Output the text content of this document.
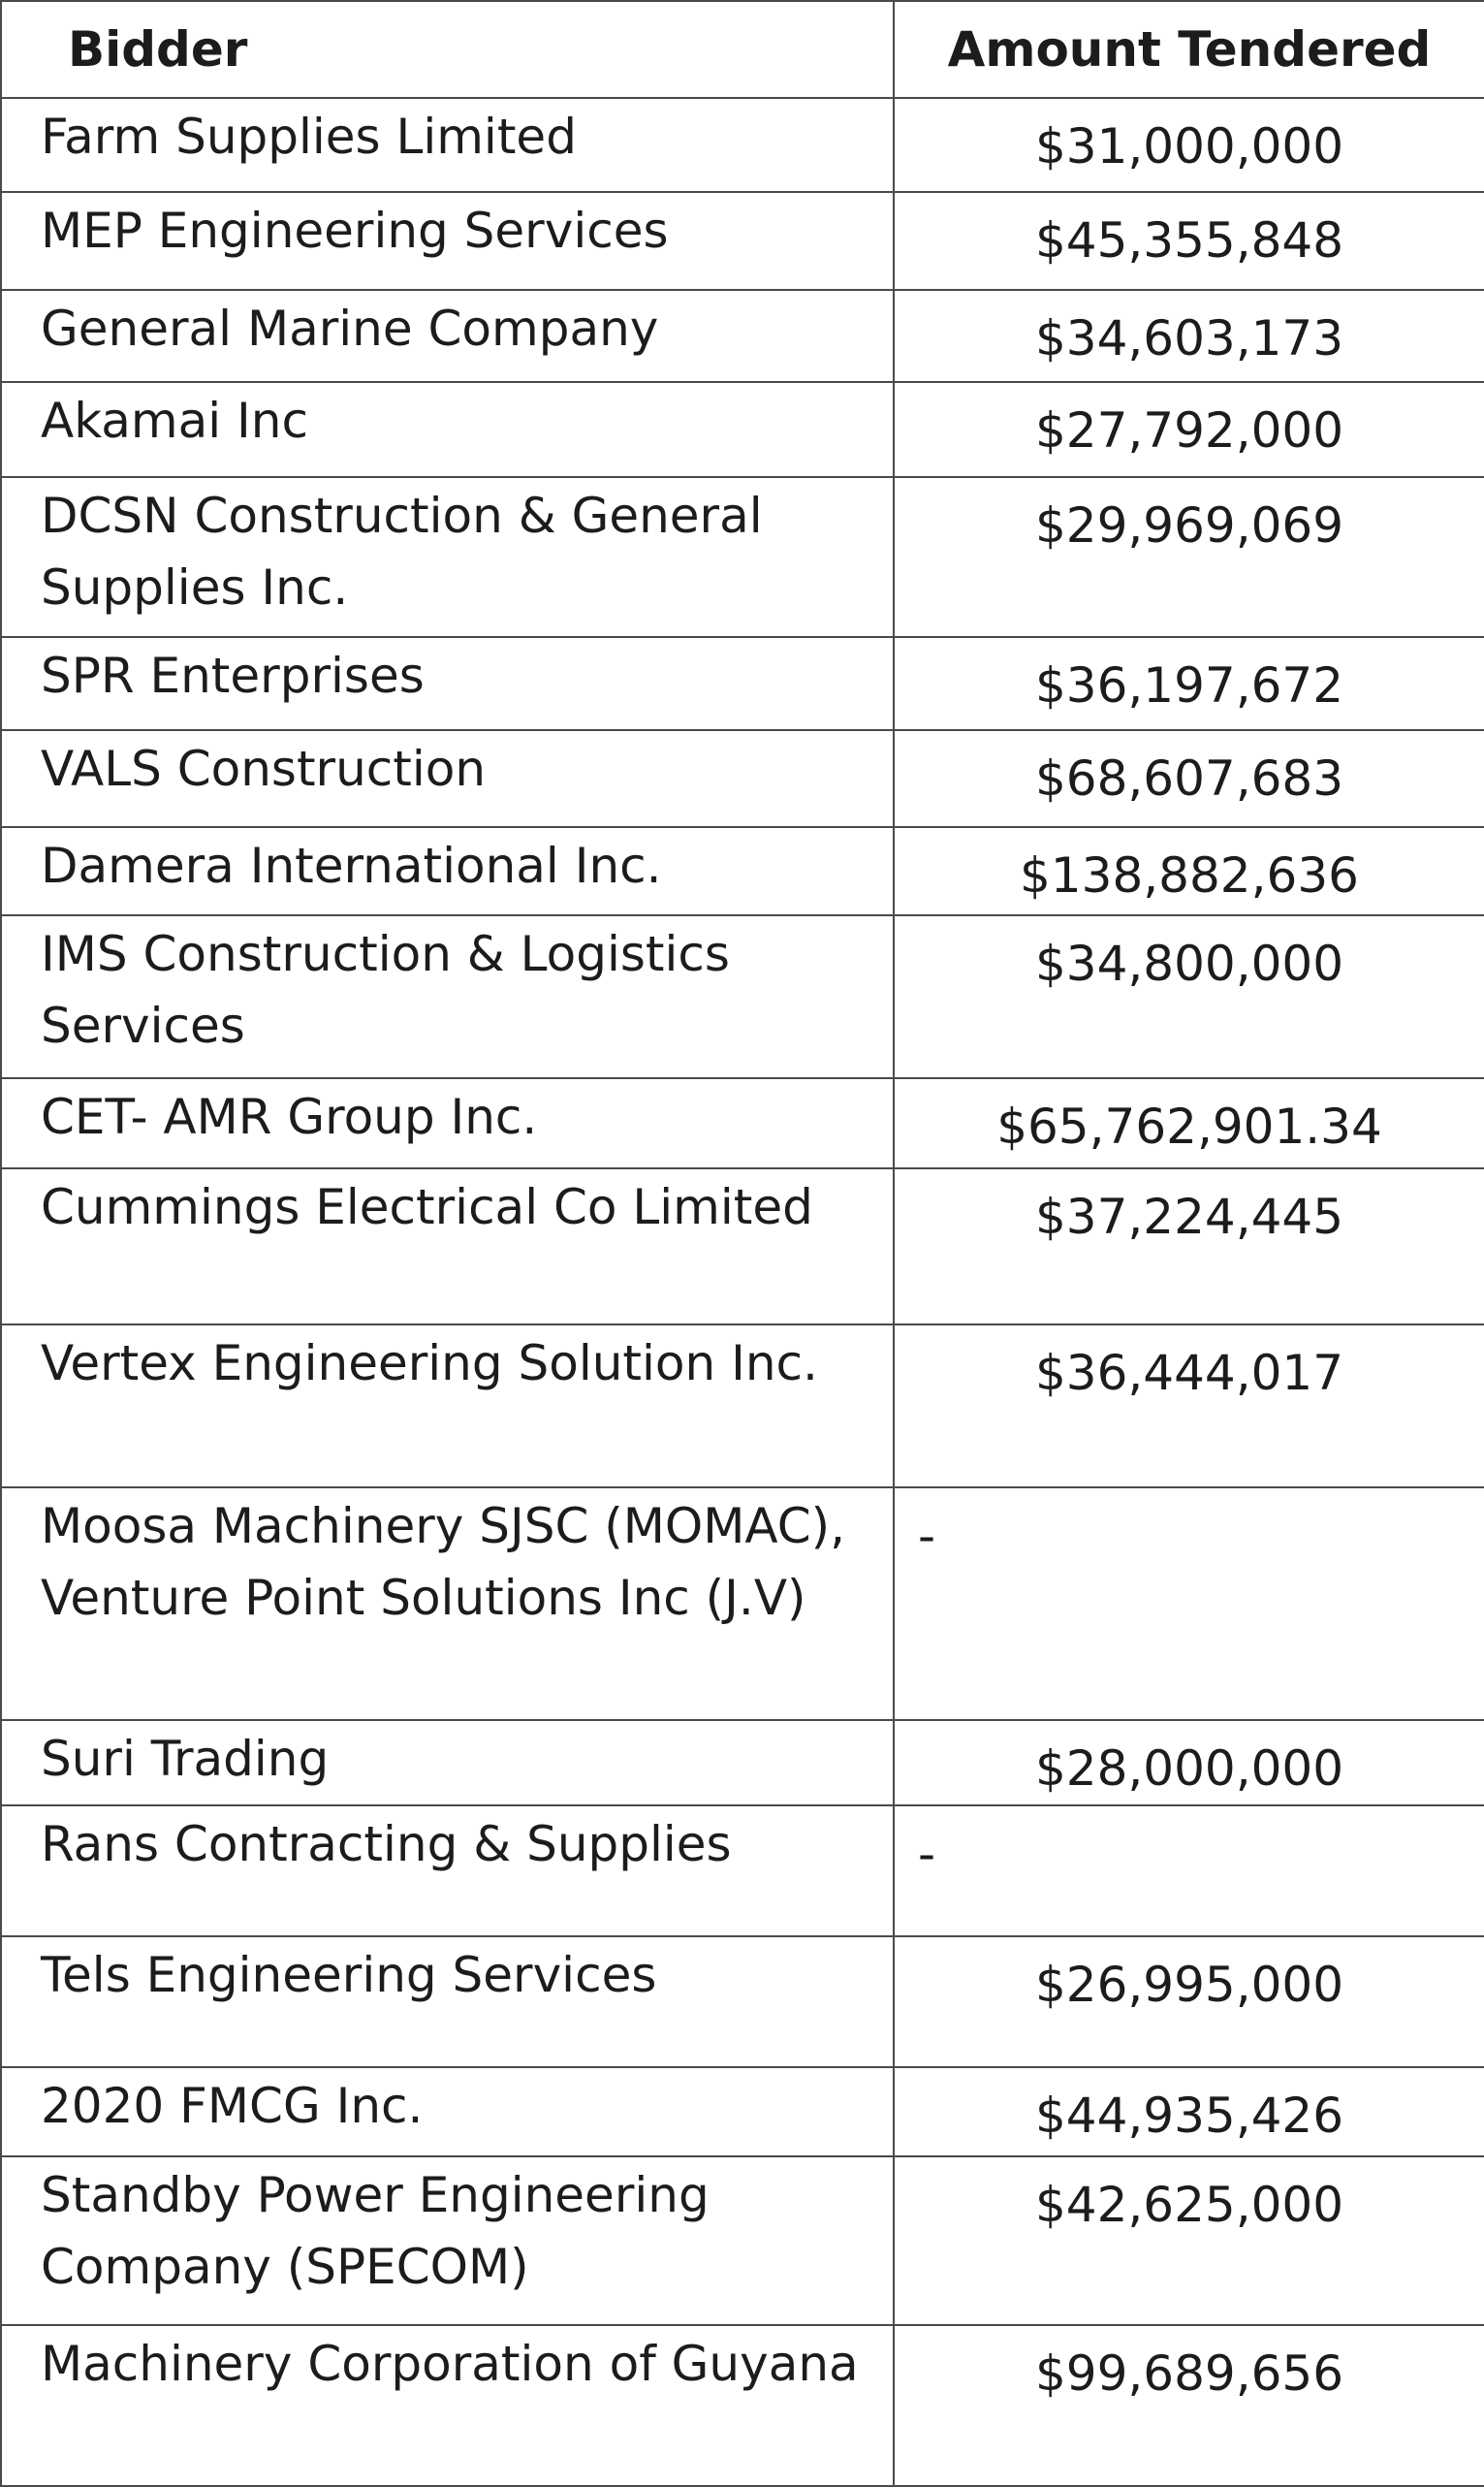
Bidder	Amount Tendered
Farm Supplies Limited	$31,000,000
MEP Engineering Services	$45,355,848
General Marine Company	$34,603,173
Akamai Inc	$27,792,000
DCSN Construction & General Supplies Inc.	$29,969,069
SPR Enterprises	$36,197,672
VALS Construction	$68,607,683
Damera International Inc.	$138,882,636
IMS Construction & Logistics Services	$34,800,000
CET- AMR Group Inc.	$65,762,901.34
Cummings Electrical Co Limited	$37,224,445
Vertex Engineering Solution Inc.	$36,444,017
Moosa Machinery SJSC (MOMAC), Venture Point Solutions Inc (J.V)	-
Suri Trading	$28,000,000
Rans Contracting & Supplies	-
Tels Engineering Services	$26,995,000
2020 FMCG Inc.	$44,935,426
Standby Power Engineering Company (SPECOM)	$42,625,000
Machinery Corporation of Guyana	$99,689,656
